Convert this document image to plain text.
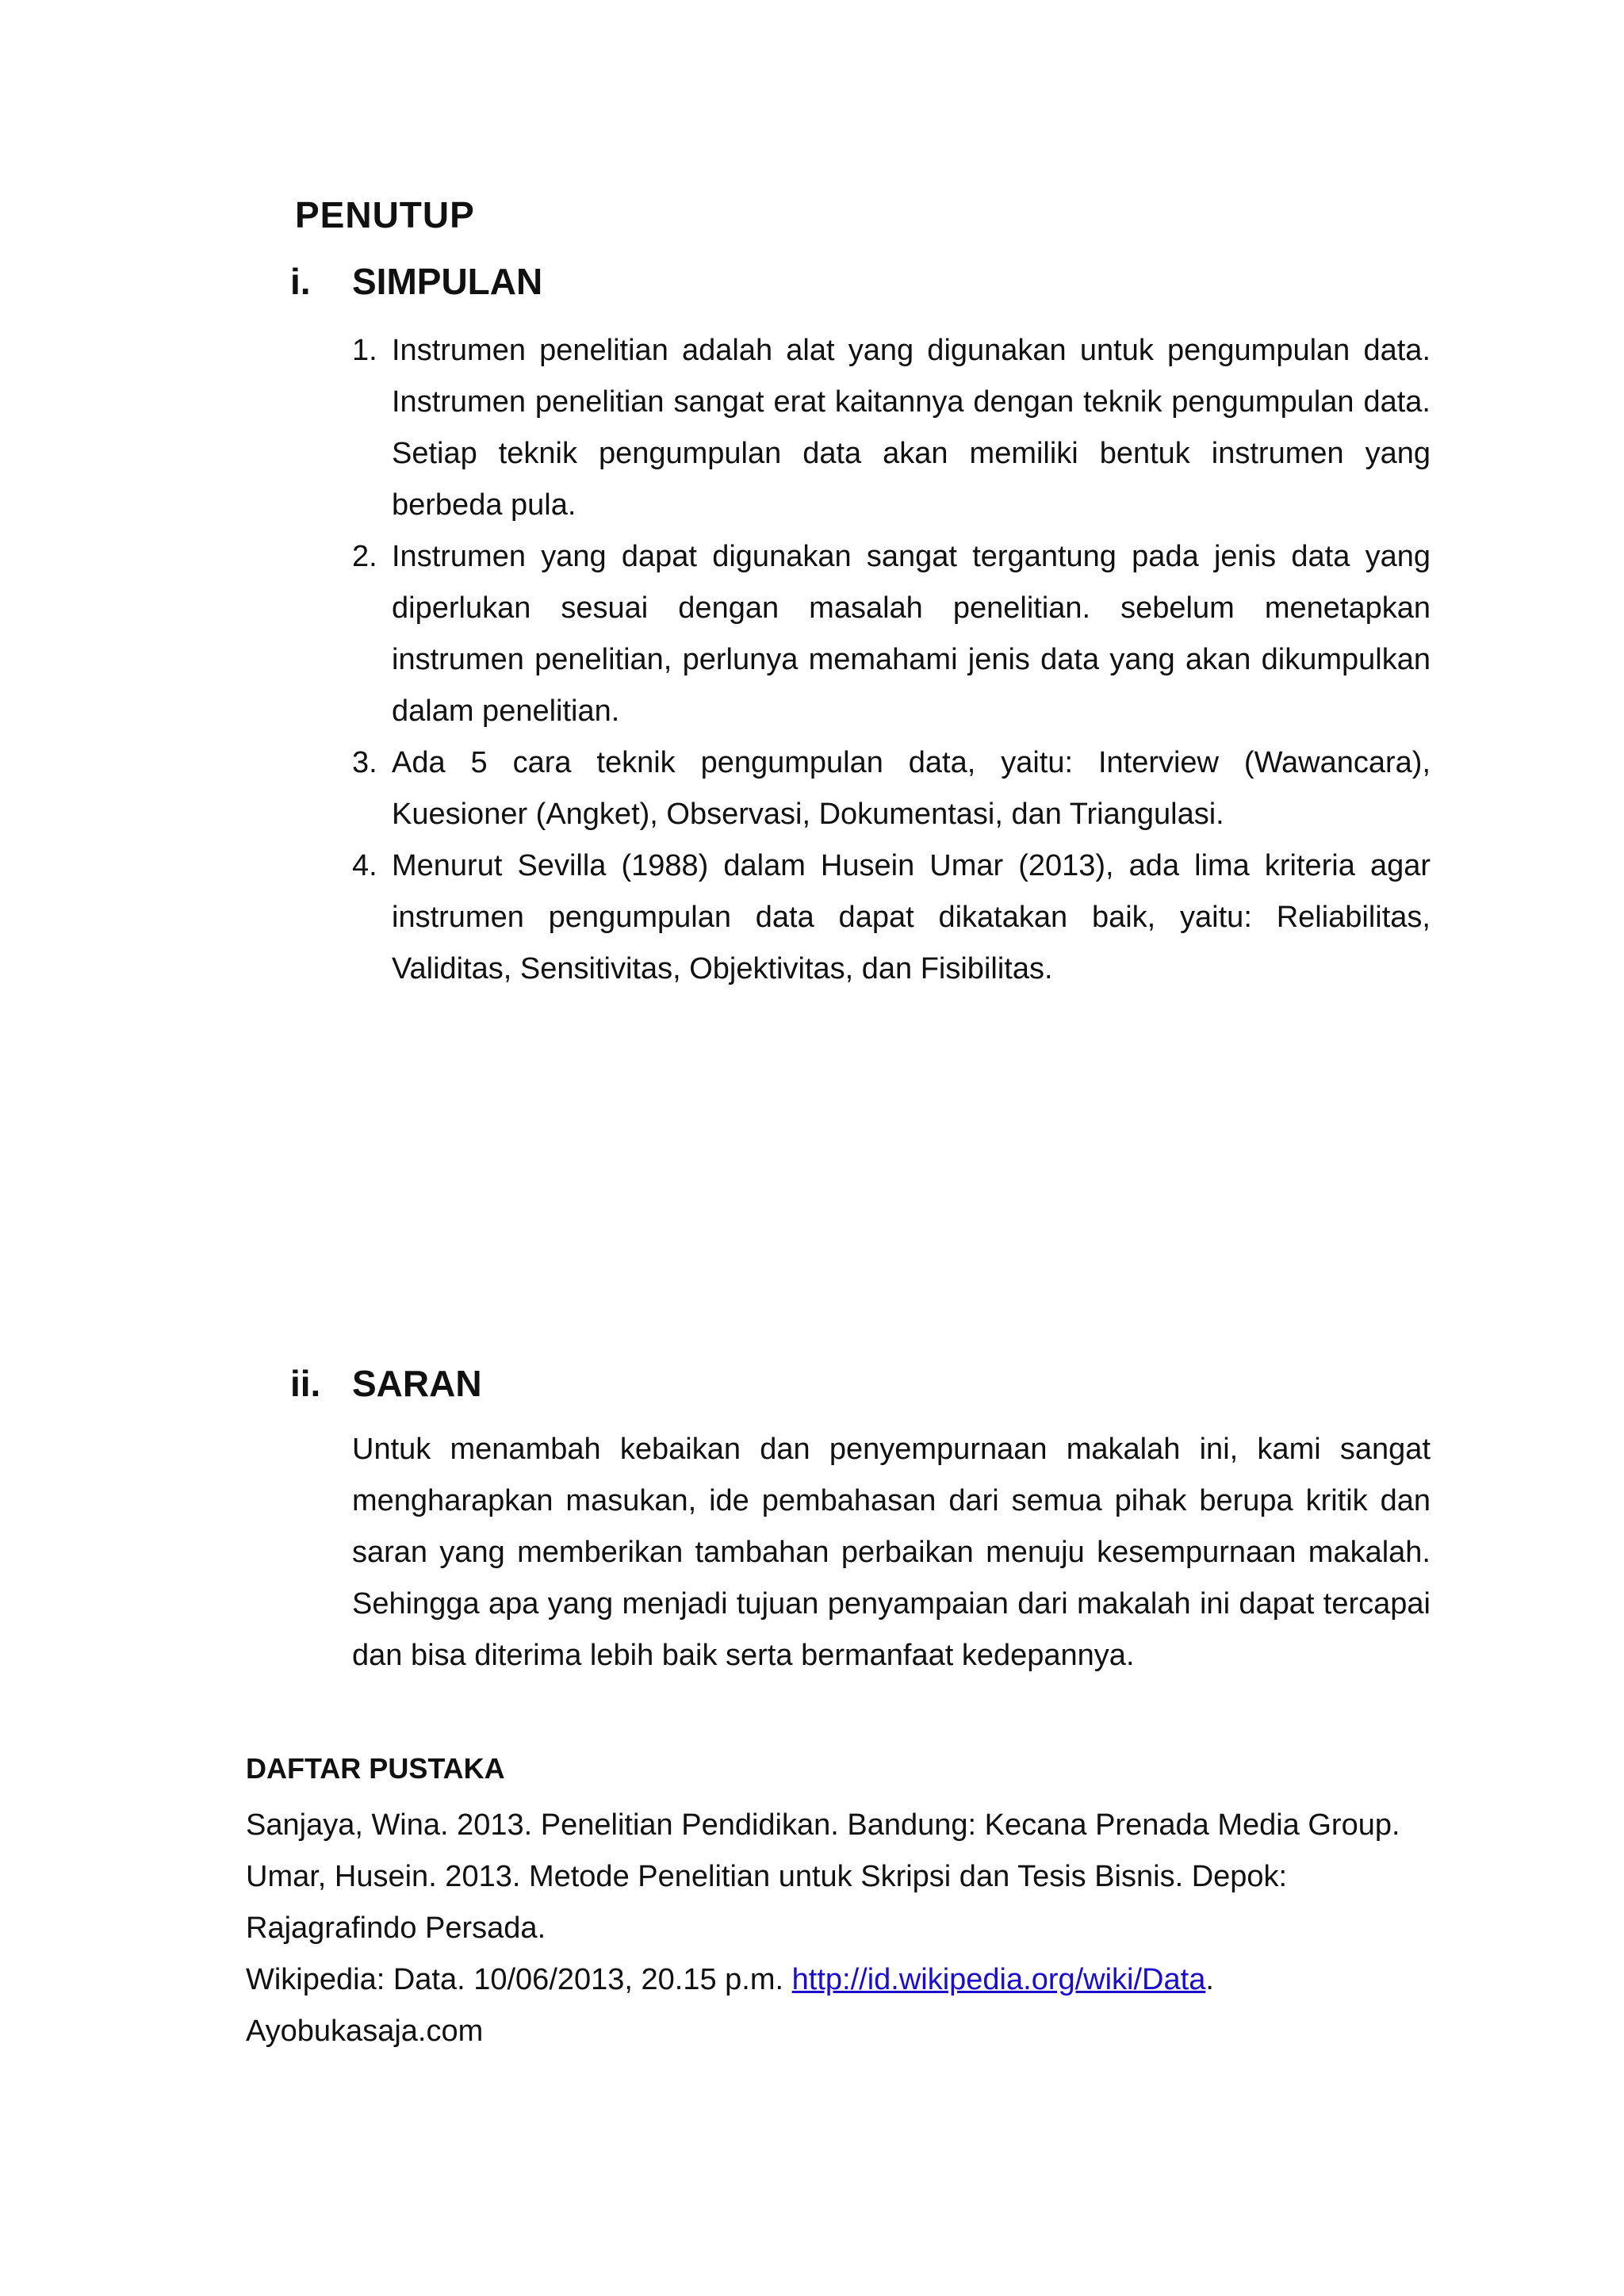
PENUTUP
i. SIMPULAN
1. Instrumen penelitian adalah alat yang digunakan untuk pengumpulan data. Instrumen penelitian sangat erat kaitannya dengan teknik pengumpulan data. Setiap teknik pengumpulan data akan memiliki bentuk instrumen yang berbeda pula.
2. Instrumen yang dapat digunakan sangat tergantung pada jenis data yang diperlukan sesuai dengan masalah penelitian. sebelum menetapkan instrumen penelitian, perlunya memahami jenis data yang akan dikumpulkan dalam penelitian.
3. Ada 5 cara teknik pengumpulan data, yaitu: Interview (Wawancara), Kuesioner (Angket), Observasi, Dokumentasi, dan Triangulasi.
4. Menurut Sevilla (1988) dalam Husein Umar (2013), ada lima kriteria agar instrumen pengumpulan data dapat dikatakan baik, yaitu: Reliabilitas, Validitas, Sensitivitas, Objektivitas, dan Fisibilitas.
ii. SARAN

Untuk menambah kebaikan dan penyempurnaan makalah ini, kami sangat mengharapkan masukan, ide pembahasan dari semua pihak berupa kritik dan saran yang memberikan tambahan perbaikan menuju kesempurnaan makalah. Sehingga apa yang menjadi tujuan penyampaian dari makalah ini dapat tercapai dan bisa diterima lebih baik serta bermanfaat kedepannya.

DAFTAR PUSTAKA

Sanjaya, Wina. 2013. Penelitian Pendidikan. Bandung: Kecana Prenada Media Group.

Umar, Husein. 2013. Metode Penelitian untuk Skripsi dan Tesis Bisnis. Depok:

Rajagrafindo Persada.

Wikipedia: Data. 10/06/2013, 20.15 p.m. http://id.wikipedia.org/wiki/Data.

Ayobukasaja.com
